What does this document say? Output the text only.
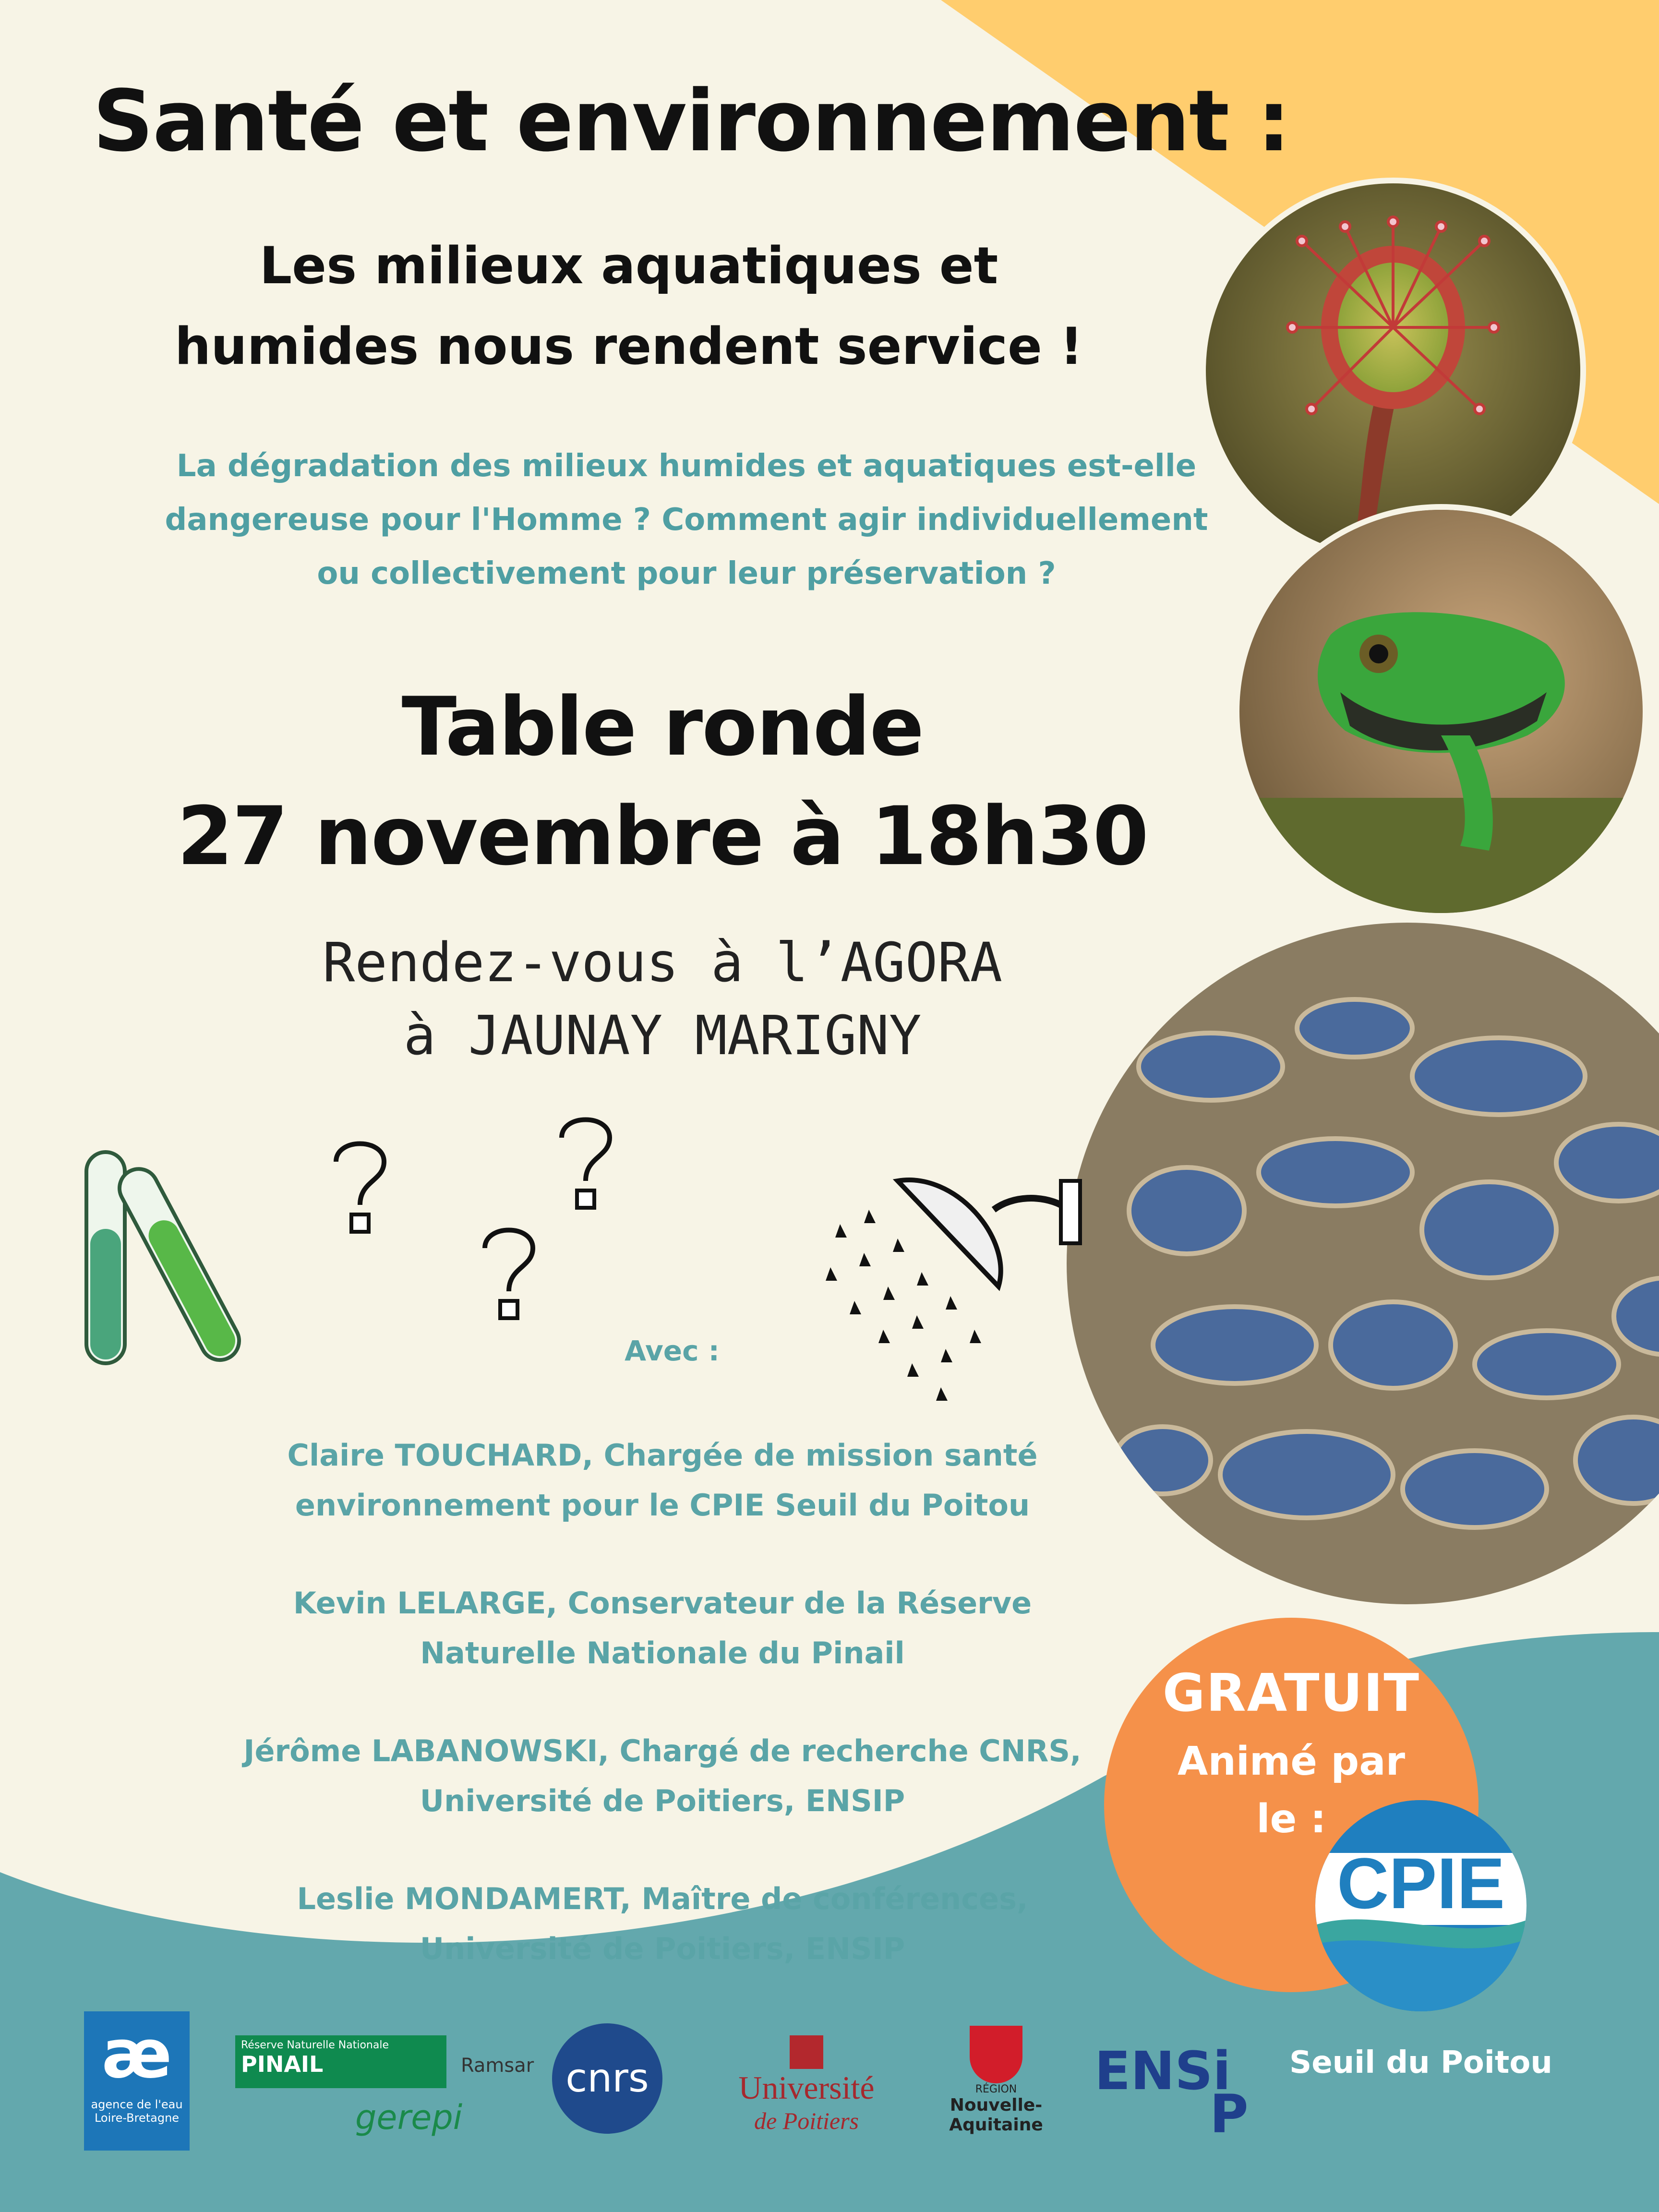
Santé et environnement :
Les milieux aquatiques et
humides nous rendent service !
La dégradation des milieux humides et aquatiques est-elle
dangereuse pour l'Homme ? Comment agir individuellement
ou collectivement pour leur préservation ?
Table ronde
27 novembre à 18h30
Rendez-vous à l’AGORA
à JAUNAY MARIGNY
Avec :
Claire TOUCHARD, Chargée de mission santé
environnement pour le CPIE Seuil du Poitou
Kevin LELARGE, Conservateur de la Réserve
Naturelle Nationale du Pinail
Jérôme LABANOWSKI, Chargé de recherche CNRS,
Université de Poitiers, ENSIP
Leslie MONDAMERT, Maître de conférences,
Université de Poitiers, ENSIP
GRATUIT
Animé par
le :
CPIE
Seuil du Poitou
æ
agence de l'eau
Loire-Bretagne
Réserve Naturelle Nationale
PINAIL
gerepi
Ramsar cnrs	Université
de Poitiers
RÉGION
Nouvelle-
Aquitaine
ENSi
P
